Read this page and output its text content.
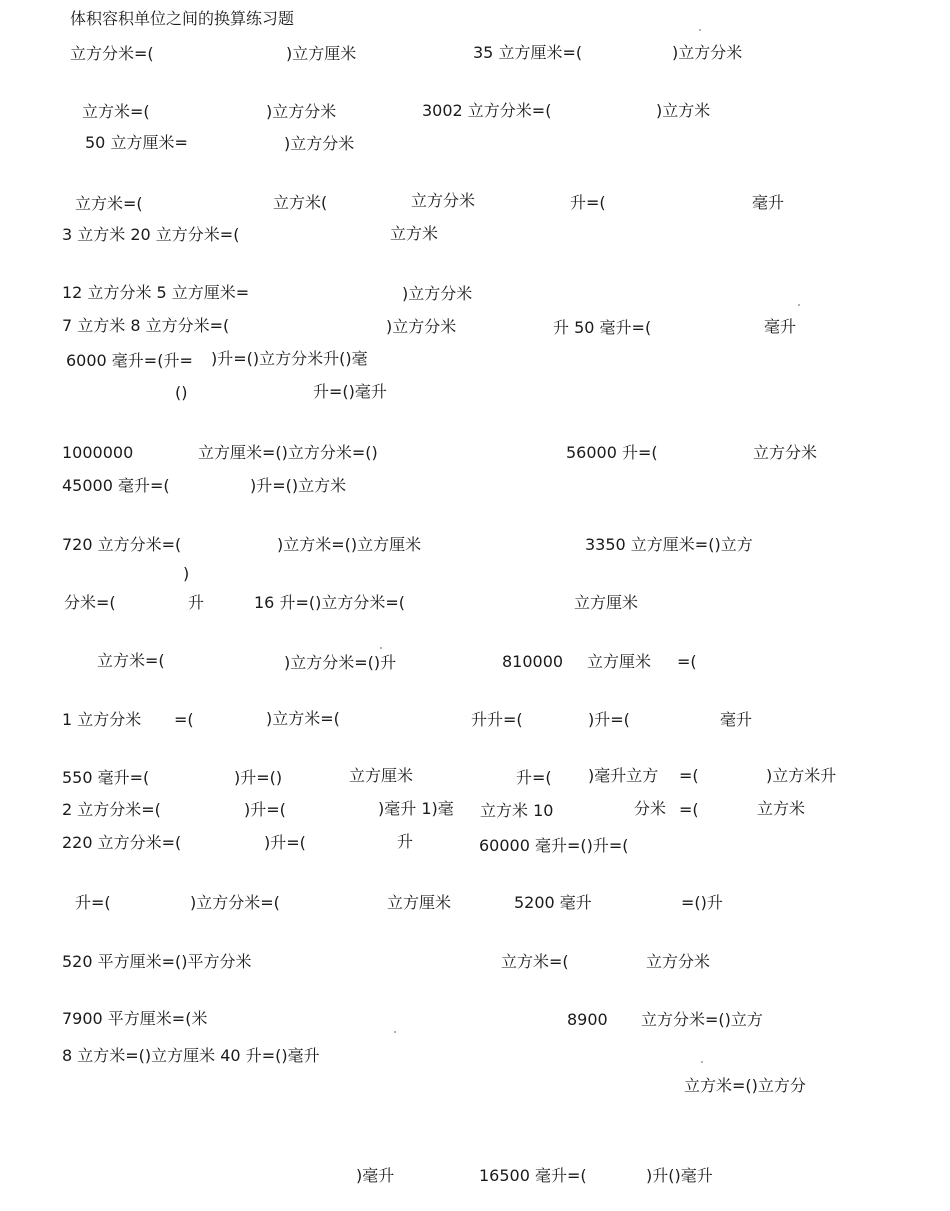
体积容积单位之间的换算练习题
立方分米=(	)立方厘米	35 立方厘米=(	)立方分米
立方米=(	)立方分米	3002 立方分米=(	)立方米
50 立方厘米=	)立方分米
立方米=(	立方米(	立方分米	升=(	毫升
3 立方米 20 立方分米=(	立方米
12 立方分米 5 立方厘米=	)立方分米
7 立方米 8 立方分米=(	)立方分米	升 50 毫升=(	毫升
6000 毫升=(升= )升=()立方分米升()毫
()	升=()毫升
1000000	立方厘米=()立方分米=()	56000 升=(	立方分米
45000 毫升=(	)升=()立方米
720 立方分米=(	)立方米=()立方厘米	3350 立方厘米=()立方
)
分米=(	升	16 升=()立方分米=(	立方厘米
立方米=(	)立方分米=()升	810000 立方厘米 =(
1 立方分米 =(	)立方米=(	升升=(	)升=(	毫升
550 毫升=(	)升=()	立方厘米	升=( )毫升立方 =(	)立方米升
2 立方分米=(	)升=(	)毫升 1)毫 立方米 10	分米 =(	立方米
220 立方分米=(	)升=(	升	60000 毫升=()升=(
升=(	)立方分米=(	立方厘米	5200 毫升	=()升
520 平方厘米=()平方分米	立方米=(	立方分米
7900 平方厘米=(米	8900 立方分米=()立方
8 立方米=()立方厘米 40 升=()毫升
立方米=()立方分
)毫升	16500 毫升=(	)升()毫升
